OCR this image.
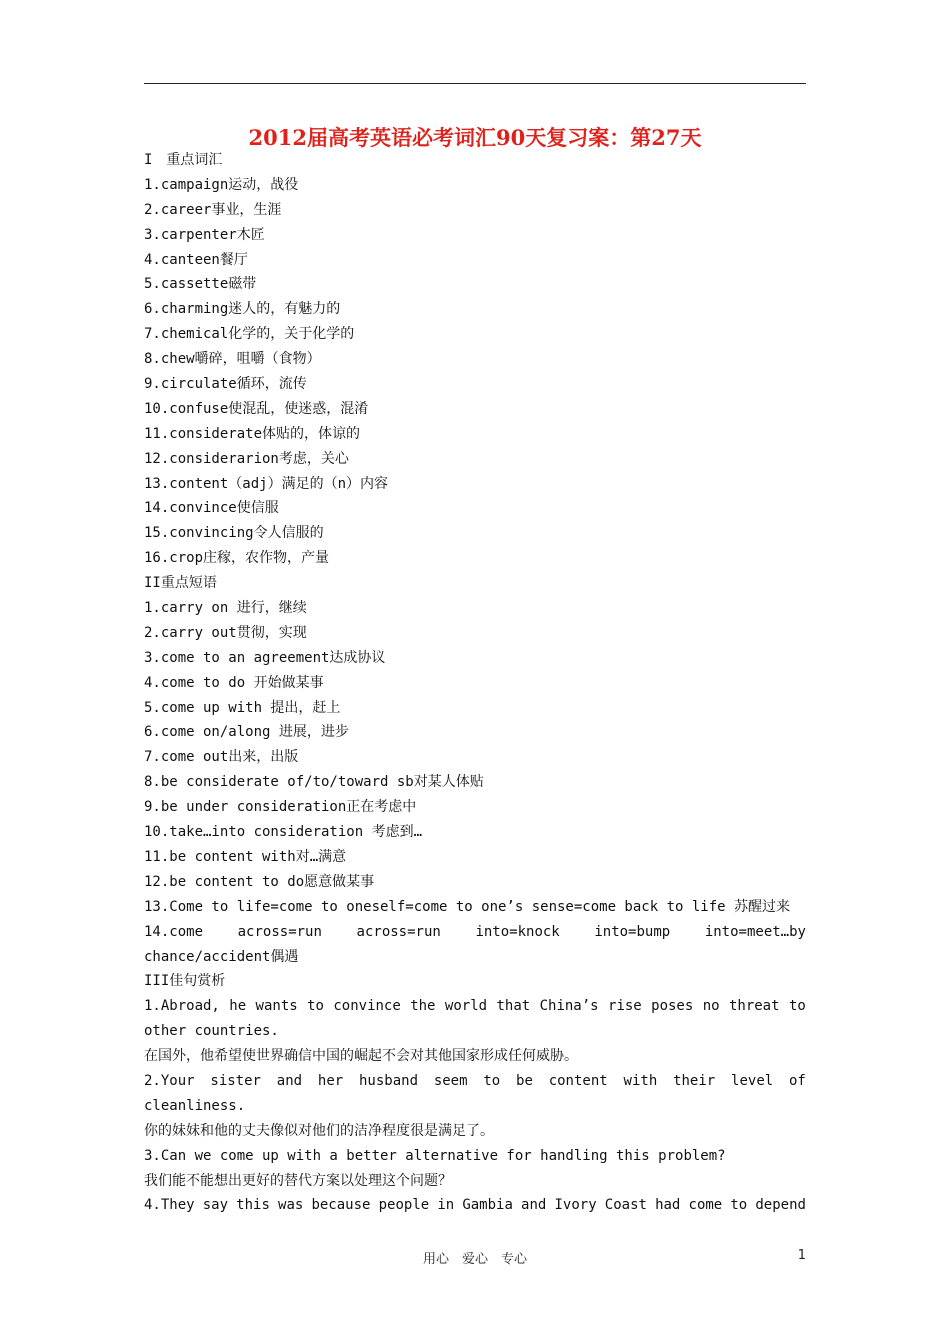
2012届高考英语必考词汇90天复习案：第27天
I　重点词汇
1.campaign运动，战役
2.career事业，生涯
3.carpenter木匠
4.canteen餐厅
5.cassette磁带
6.charming迷人的，有魅力的
7.chemical化学的，关于化学的
8.chew嚼碎，咀嚼（食物）
9.circulate循环，流传
10.confuse使混乱，使迷惑，混淆
11.considerate体贴的，体谅的
12.considerarion考虑，关心
13.content（adj）满足的（n）内容
14.convince使信服
15.convincing令人信服的
16.crop庄稼，农作物，产量
II重点短语
1.carry on 进行，继续
2.carry out贯彻，实现
3.come to an agreement达成协议
4.come to do 开始做某事
5.come up with 提出，赶上
6.come on/along 进展，进步
7.come out出来，出版
8.be considerate of/to/toward sb对某人体贴
9.be under consideration正在考虑中
10.take…into consideration 考虑到…
11.be content with对…满意
12.be content to do愿意做某事
13.Come to life=come to oneself=come to one’s sense=come back to life 苏醒过来
14.come across=run across=run into=knock into=bump into=meet…by
chance/accident偶遇
III佳句赏析
1.Abroad, he wants to convince the world that China’s rise poses no threat to
other countries.
在国外，他希望使世界确信中国的崛起不会对其他国家形成任何威胁。
2.Your sister and her husband seem to be content with their level of
cleanliness.
你的妹妹和他的丈夫像似对他们的洁净程度很是满足了。
3.Can we come up with a better alternative for handling this problem?
我们能不能想出更好的替代方案以处理这个问题？
4.They say this was because people in Gambia and Ivory Coast had come to depend
用心　爱心　专心	1
